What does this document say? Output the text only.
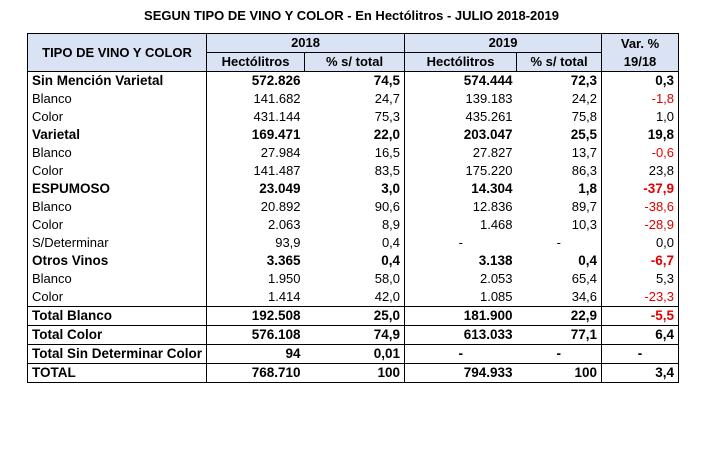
SEGUN TIPO DE VINO Y COLOR - En Hectólitros - JULIO 2018-2019
TIPO DE VINO Y COLOR	2018		2019		Var. %
19/18

	Hectólitros	% s/ total	Hectólitros	% s/ total	
Sin Mención Varietal	572.826	74,5	574.444	72,3	0,3
Blanco	141.682	24,7	139.183	24,2	-1,8
Color	431.144	75,3	435.261	75,8	1,0
Varietal	169.471	22,0	203.047	25,5	19,8
Blanco	27.984	16,5	27.827	13,7	-0,6
Color	141.487	83,5	175.220	86,3	23,8
ESPUMOSO	23.049	3,0	14.304	1,8	-37,9
Blanco	20.892	90,6	12.836	89,7	-38,6
Color	2.063	8,9	1.468	10,3	-28,9
S/Determinar	93,9	0,4	-	-	0,0
Otros Vinos	3.365	0,4	3.138	0,4	-6,7
Blanco	1.950	58,0	2.053	65,4	5,3
Color	1.414	42,0	1.085	34,6	-23,3
Total Blanco	192.508	25,0	181.900	22,9	-5,5
Total Color	576.108	74,9	613.033	77,1	6,4
Total Sin Determinar Color	94	0,01	-	-	-
TOTAL	768.710	100	794.933	100	3,4
